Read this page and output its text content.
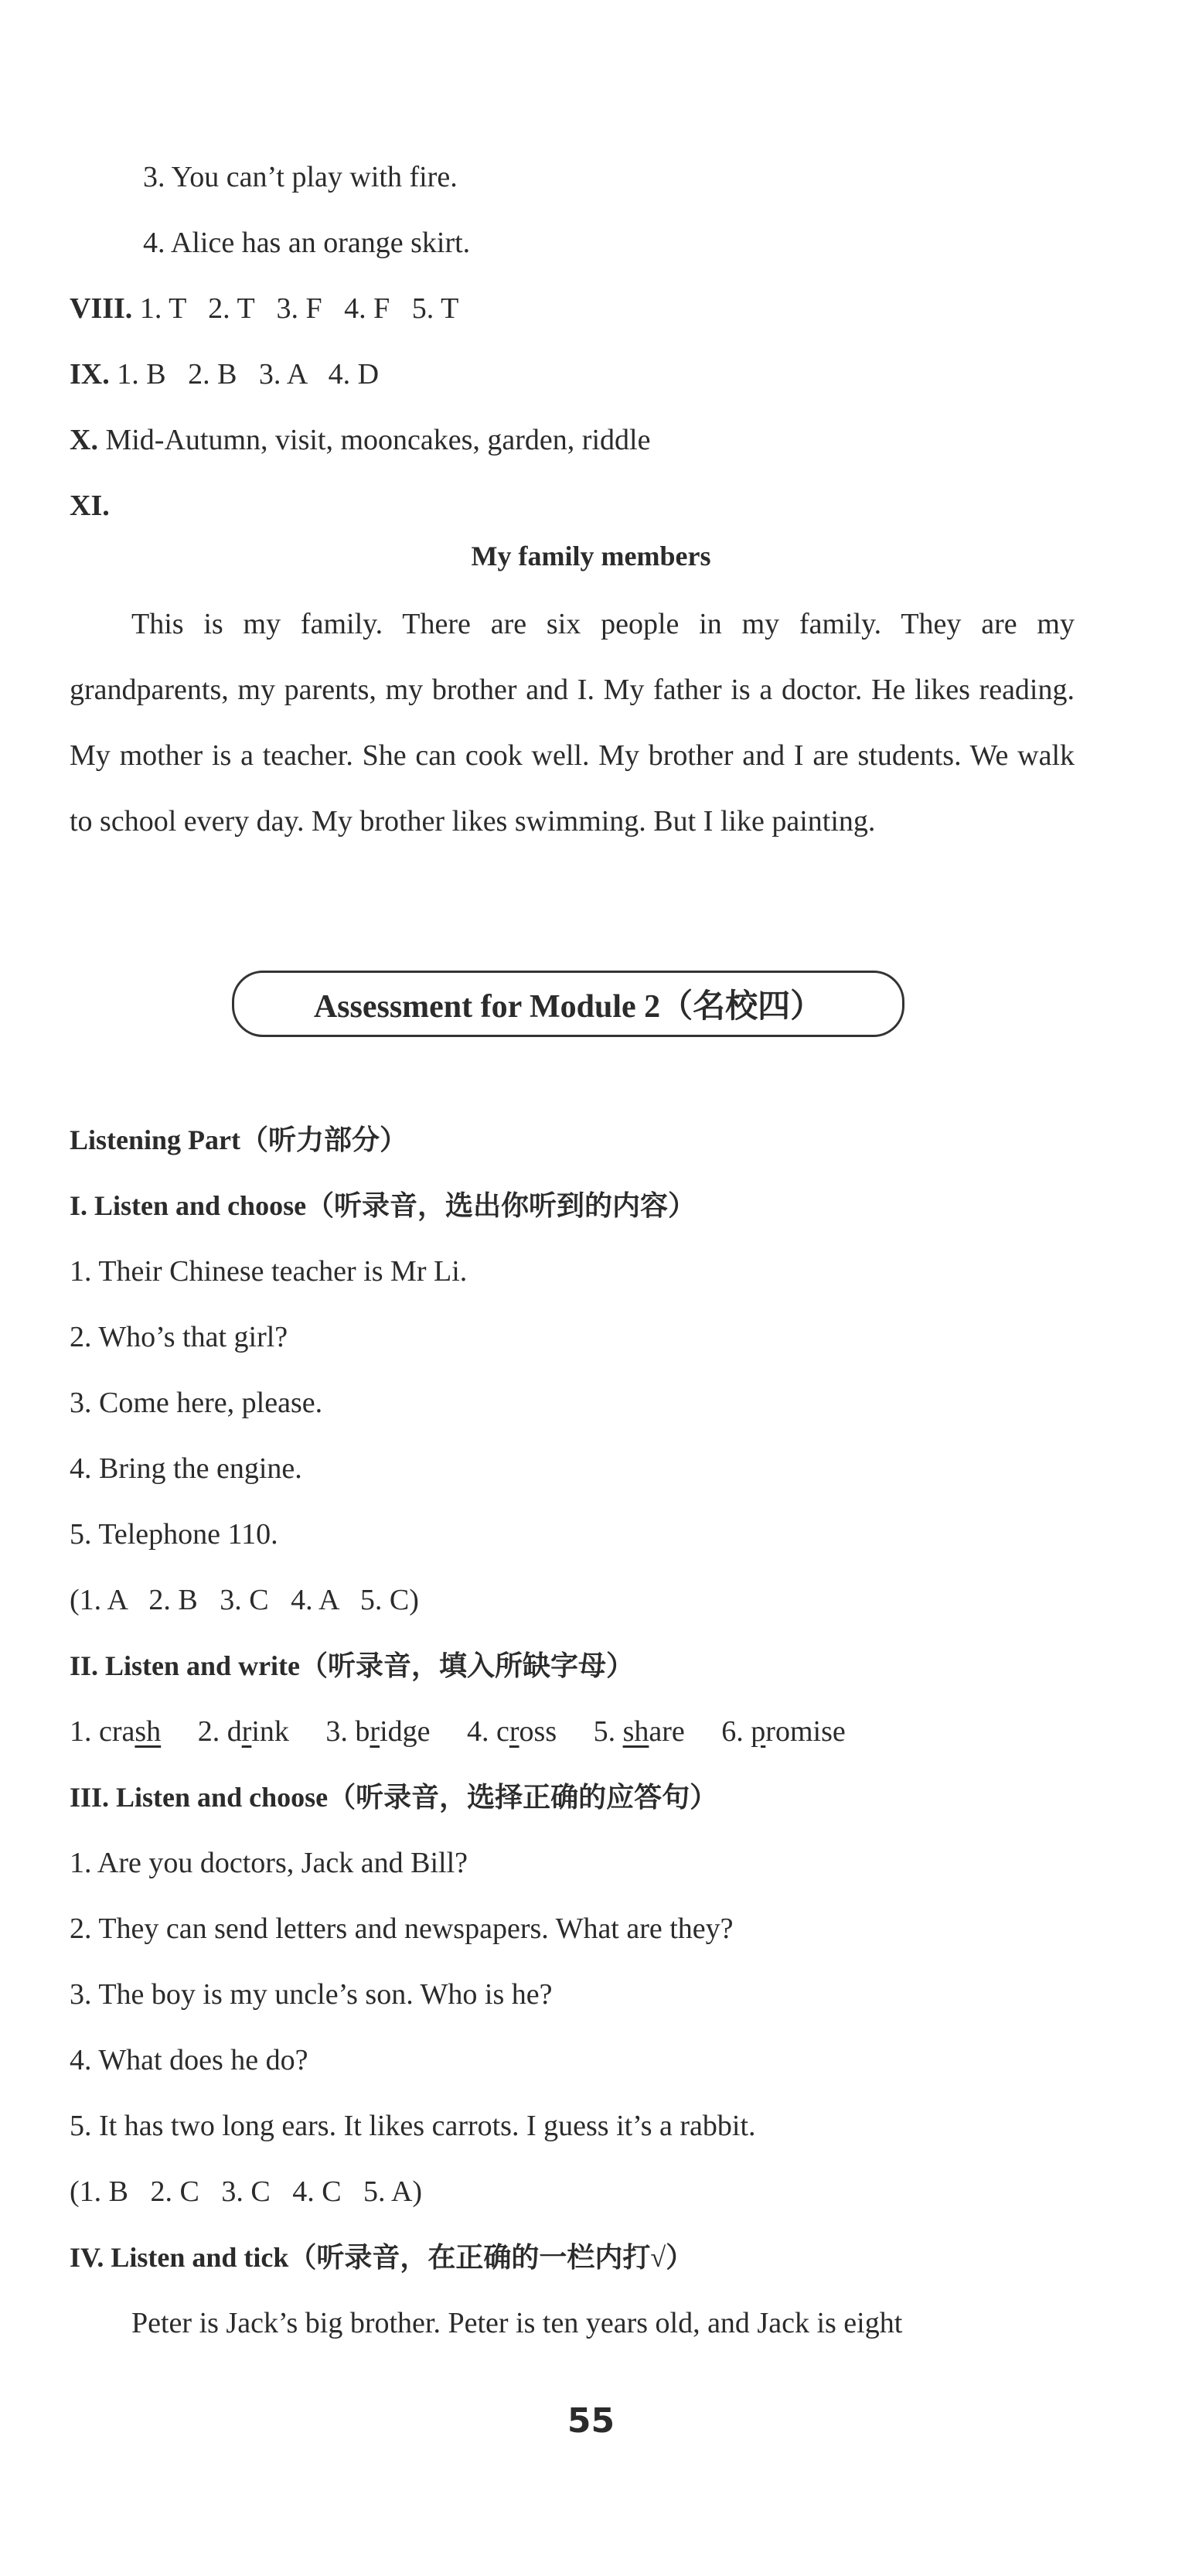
3. You can’t play with fire.
4. Alice has an orange skirt.
VIII. 1. T   2. T   3. F   4. F   5. T
IX. 1. B   2. B   3. A   4. D
X. Mid-Autumn, visit, mooncakes, garden, riddle
XI.
My family members
This is my family. There are six people in my family. They are my grandparents, my parents, my brother and I. My father is a doctor. He likes reading. My mother is a teacher. She can cook well. My brother and I are students. We walk to school every day. My brother likes swimming. But I like painting.
Assessment for Module 2（名校四）
Listening Part（听力部分）
I. Listen and choose（听录音，选出你听到的内容）
1. Their Chinese teacher is Mr Li.
2. Who’s that girl?
3. Come here, please.
4. Bring the engine.
5. Telephone 110.
(1. A   2. B   3. C   4. A   5. C)
II. Listen and write（听录音，填入所缺字母）
1. crash 2. drink 3. bridge 4. cross 5. share 6. promise
III. Listen and choose（听录音，选择正确的应答句）
1. Are you doctors, Jack and Bill?
2. They can send letters and newspapers. What are they?
3. The boy is my uncle’s son. Who is he?
4. What does he do?
5. It has two long ears. It likes carrots. I guess it’s a rabbit.
(1. B   2. C   3. C   4. C   5. A)
IV. Listen and tick（听录音，在正确的一栏内打√）
Peter is Jack’s big brother. Peter is ten years old, and Jack is eight
55
